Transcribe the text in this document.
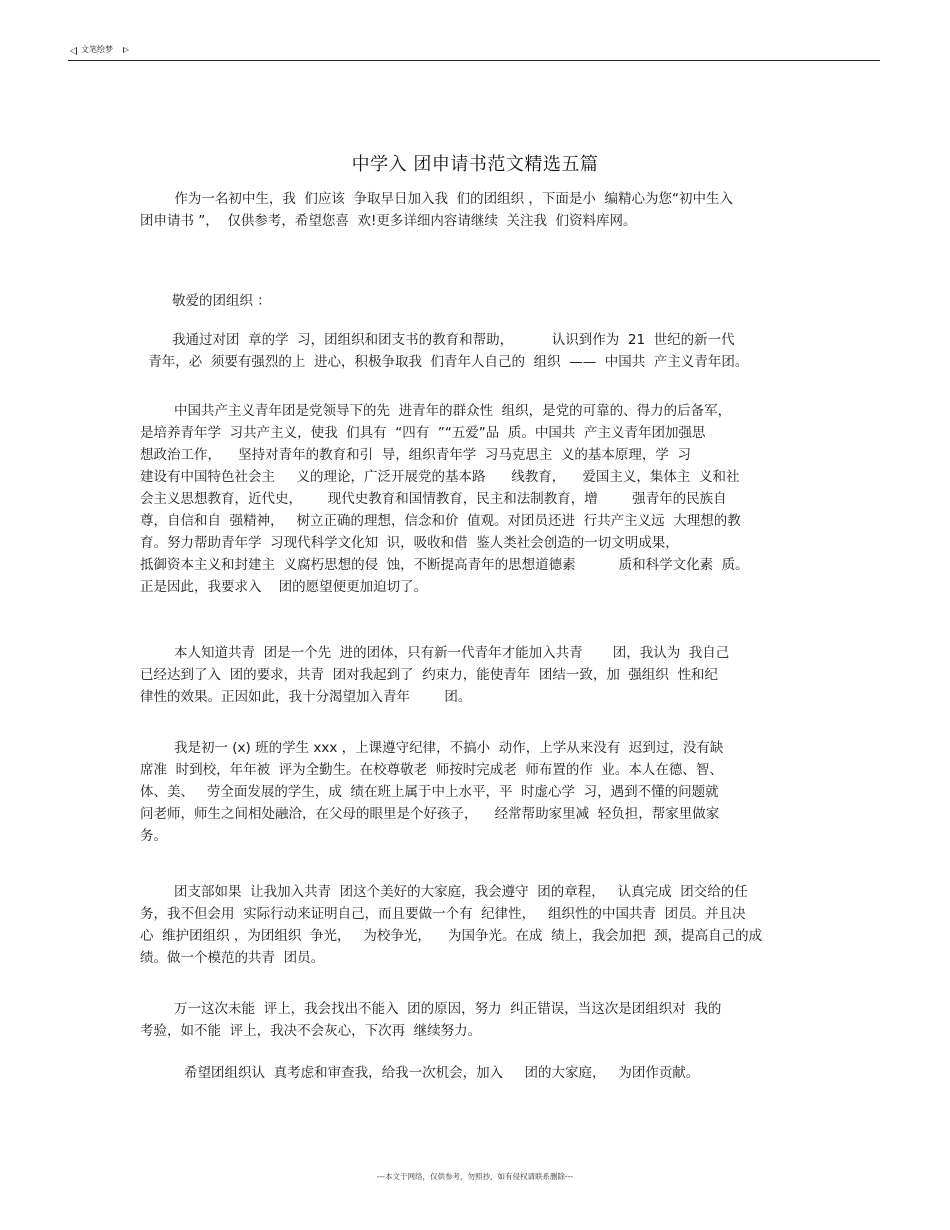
文笔绘梦
中学入 团申请书范文精选五篇
作为一名初中生，我  们应该  争取早日加入我  们的团组织 ，下面是小  编精心为您“初中生入
团申请书 ”，  仅供参考，希望您喜  欢!更多详细内容请继续  关注我  们资料库网。
敬爱的团组织 ：
我通过对团  章的学  习，团组织和团支书的教育和帮助，         认识到作为  21  世纪的新一代
青年，必  须要有强烈的上  进心，积极争取我  们青年人自己的  组织  ——  中国共  产主义青年团。
中国共产主义青年团是党领导下的先  进青年的群众性  组织，是党的可靠的、得力的后备军，
是培养青年学  习共产主义，使我  们具有  “四有  ”“五爱”品  质。中国共  产主义青年团加强思
想政治工作，    坚持对青年的教育和引  导，组织青年学  习马克思主  义的基本原理，学  习
建设有中国特色社会主     义的理论，广泛开展党的基本路      线教育，    爱国主义，集体主  义和社
会主义思想教育，近代史，      现代史教育和国情教育，民主和法制教育，增        强青年的民族自
尊，自信和自  强精神，   树立正确的理想，信念和价  值观。对团员还进  行共产主义远  大理想的教
育。努力帮助青年学  习现代科学文化知  识，吸收和借  鉴人类社会创造的一切文明成果，
抵御资本主义和封建主  义腐朽思想的侵  蚀，不断提高青年的思想道德素          质和科学文化素  质。
正是因此，我要求入    团的愿望便更加迫切了。
本人知道共青  团是一个先  进的团体，只有新一代青年才能加入共青       团，我认为  我自己
已经达到了入  团的要求，共青  团对我起到了  约束力，能使青年  团结一致，加  强组织  性和纪
律性的效果。正因如此，我十分渴望加入青年        团。
我是初一 (x) 班的学生 xxx ，上课遵守纪律，不搞小  动作，上学从来没有  迟到过，没有缺
席准  时到校，年年被  评为全勤生。在校尊敬老  师按时完成老  师布置的作  业。本人在德、智、
体、美、   劳全面发展的学生，成  绩在班上属于中上水平，平  时虚心学  习，遇到不懂的问题就
问老师，师生之间相处融洽，在父母的眼里是个好孩子，    经常帮助家里减  轻负担，帮家里做家
务。
团支部如果  让我加入共青  团这个美好的大家庭，我会遵守  团的章程，   认真完成  团交给的任
务，我不但会用  实际行动来证明自己，而且要做一个有  纪律性，   组织性的中国共青  团员。并且决
心  维护团组织 ，为团组织  争光，   为校争光，    为国争光。在成  绩上，我会加把  颈，提高自己的成
绩。做一个模范的共青  团员。
万一这次未能  评上，我会找出不能入  团的原因，努力  纠正错误，当这次是团组织对  我的
考验，如不能  评上，我决不会灰心，下次再  继续努力。
希望团组织认  真考虑和审查我，给我一次机会，加入     团的大家庭，   为团作贡献。
---本文于网络，仅供参考，勿照抄，如有侵权请联系删除---
